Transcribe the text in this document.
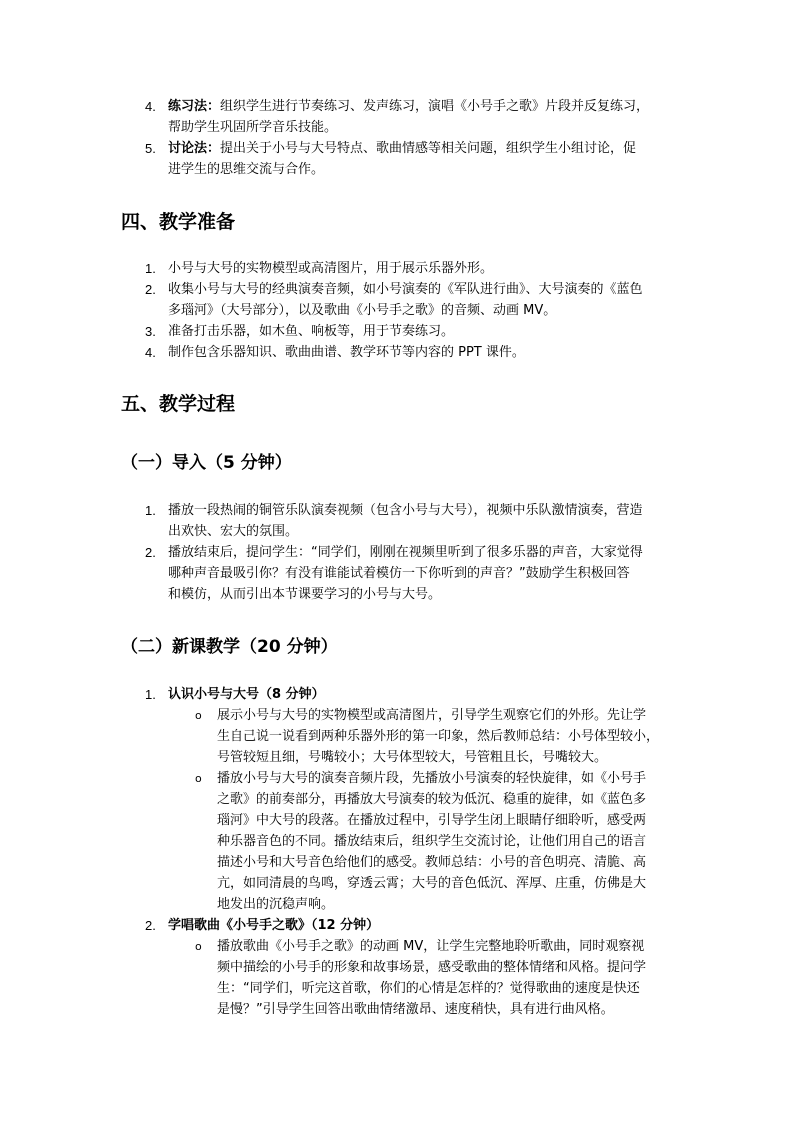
4. 练习法：组织学生进行节奏练习、发声练习，演唱《小号手之歌》片段并反复练习，
帮助学生巩固所学音乐技能。
5. 讨论法：提出关于小号与大号特点、歌曲情感等相关问题，组织学生小组讨论，促
进学生的思维交流与合作。
四、教学准备
1. 小号与大号的实物模型或高清图片，用于展示乐器外形。
2. 收集小号与大号的经典演奏音频，如小号演奏的《军队进行曲》、大号演奏的《蓝色
多瑙河》（大号部分），以及歌曲《小号手之歌》的音频、动画 MV。
3. 准备打击乐器，如木鱼、响板等，用于节奏练习。
4. 制作包含乐器知识、歌曲曲谱、教学环节等内容的 PPT 课件。
五、教学过程
（一）导入（5 分钟）
1. 播放一段热闹的铜管乐队演奏视频（包含小号与大号），视频中乐队激情演奏，营造
出欢快、宏大的氛围。
2. 播放结束后，提问学生：“同学们，刚刚在视频里听到了很多乐器的声音，大家觉得
哪种声音最吸引你？有没有谁能试着模仿一下你听到的声音？”鼓励学生积极回答
和模仿，从而引出本节课要学习的小号与大号。
（二）新课教学（20 分钟）
1. 认识小号与大号（8 分钟）
o 展示小号与大号的实物模型或高清图片，引导学生观察它们的外形。先让学
生自己说一说看到两种乐器外形的第一印象，然后教师总结：小号体型较小，
号管较短且细，号嘴较小；大号体型较大，号管粗且长，号嘴较大。
o 播放小号与大号的演奏音频片段，先播放小号演奏的轻快旋律，如《小号手
之歌》的前奏部分，再播放大号演奏的较为低沉、稳重的旋律，如《蓝色多
瑙河》中大号的段落。在播放过程中，引导学生闭上眼睛仔细聆听，感受两
种乐器音色的不同。播放结束后，组织学生交流讨论，让他们用自己的语言
描述小号和大号音色给他们的感受。教师总结：小号的音色明亮、清脆、高
亢，如同清晨的鸟鸣，穿透云霄；大号的音色低沉、浑厚、庄重，仿佛是大
地发出的沉稳声响。
2. 学唱歌曲《小号手之歌》（12 分钟）
o 播放歌曲《小号手之歌》的动画 MV，让学生完整地聆听歌曲，同时观察视
频中描绘的小号手的形象和故事场景，感受歌曲的整体情绪和风格。提问学
生：“同学们，听完这首歌，你们的心情是怎样的？觉得歌曲的速度是快还
是慢？”引导学生回答出歌曲情绪激昂、速度稍快，具有进行曲风格。
